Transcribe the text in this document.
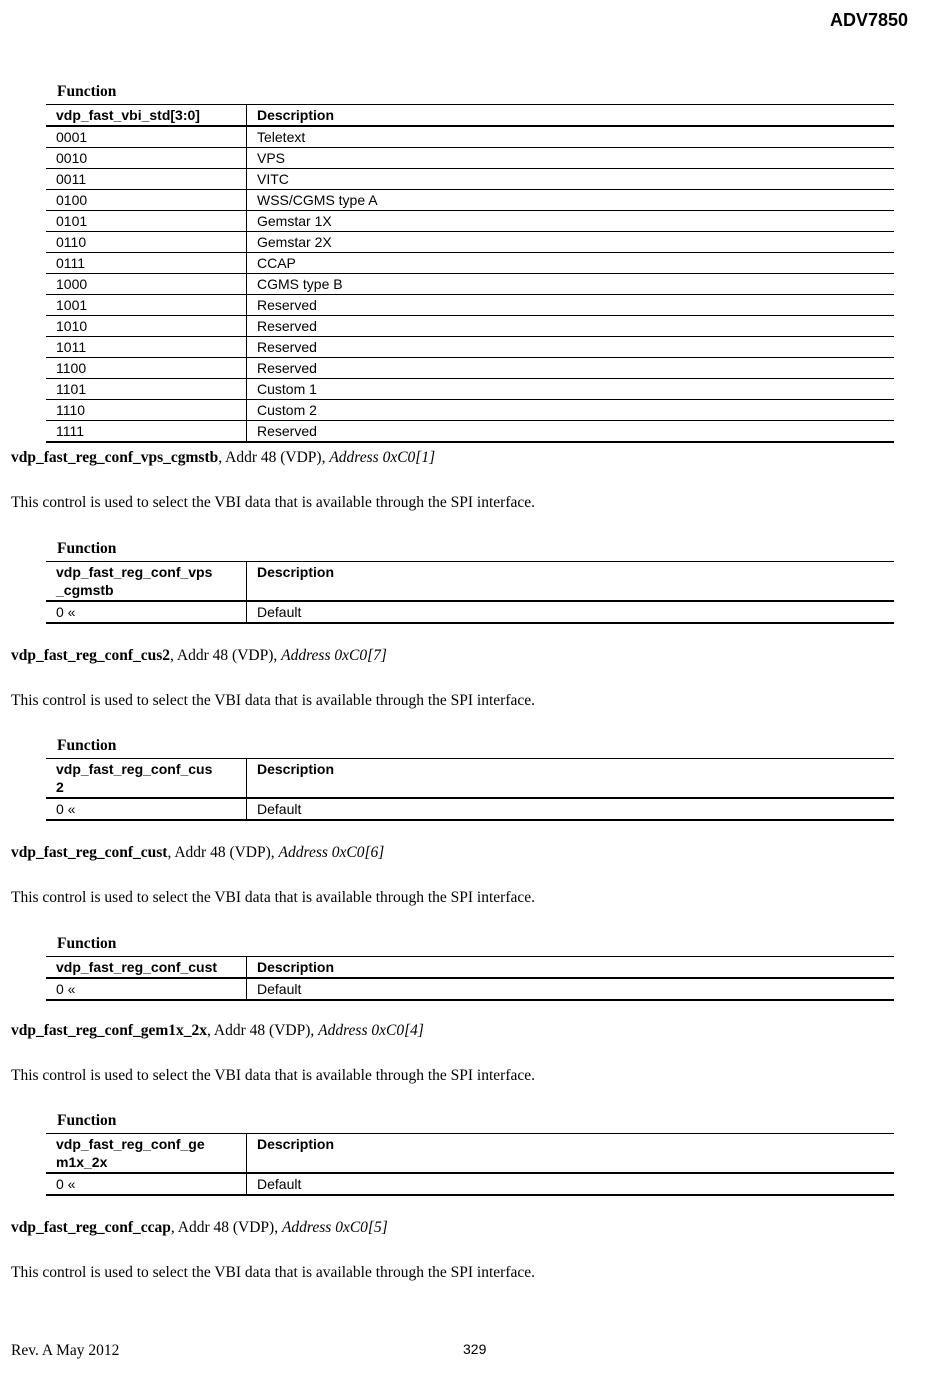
ADV7850
Function
vdp_fast_vbi_std[3:0]	Description
0001	Teletext
0010	VPS
0011	VITC
0100	WSS/CGMS type A
0101	Gemstar 1X
0110	Gemstar 2X
0111	CCAP
1000	CGMS type B
1001	Reserved
1010	Reserved
1011	Reserved
1100	Reserved
1101	Custom 1
1110	Custom 2
1111	Reserved
vdp_fast_reg_conf_vps_cgmstb, Addr 48 (VDP), Address 0xC0[1]
This control is used to select the VBI data that is available through the SPI interface.
Function
vdp_fast_reg_conf_vps
_cgmstb	Description
0 «	Default
vdp_fast_reg_conf_cus2, Addr 48 (VDP), Address 0xC0[7]
This control is used to select the VBI data that is available through the SPI interface.
Function
vdp_fast_reg_conf_cus
2	Description
0 «	Default
vdp_fast_reg_conf_cust, Addr 48 (VDP), Address 0xC0[6]
This control is used to select the VBI data that is available through the SPI interface.
Function
vdp_fast_reg_conf_cust	Description
0 «	Default
vdp_fast_reg_conf_gem1x_2x, Addr 48 (VDP), Address 0xC0[4]
This control is used to select the VBI data that is available through the SPI interface.
Function
vdp_fast_reg_conf_ge
m1x_2x	Description
0 «	Default
vdp_fast_reg_conf_ccap, Addr 48 (VDP), Address 0xC0[5]
This control is used to select the VBI data that is available through the SPI interface.
Rev. A May 2012	329
